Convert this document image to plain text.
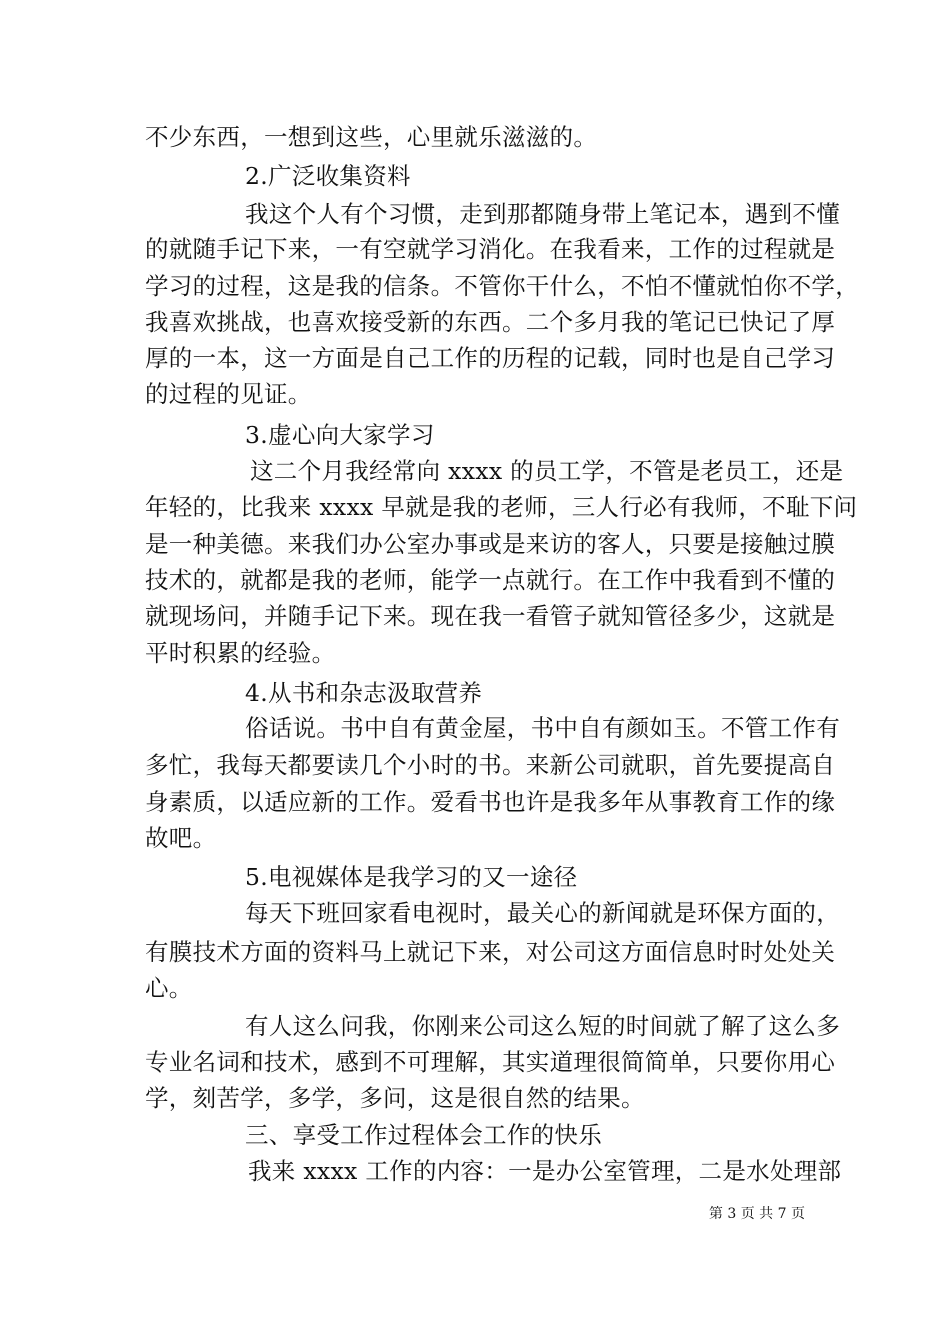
不少东西，一想到这些，心里就乐滋滋的。
2.广泛收集资料
我这个人有个习惯，走到那都随身带上笔记本，遇到不懂
的就随手记下来，一有空就学习消化。在我看来，工作的过程就是
学习的过程，这是我的信条。不管你干什么，不怕不懂就怕你不学，
我喜欢挑战，也喜欢接受新的东西。二个多月我的笔记已快记了厚
厚的一本，这一方面是自己工作的历程的记载，同时也是自己学习
的过程的见证。
3.虚心向大家学习
这二个月我经常向 xxxx 的员工学，不管是老员工，还是
年轻的，比我来 xxxx 早就是我的老师，三人行必有我师，不耻下问
是一种美德。来我们办公室办事或是来访的客人，只要是接触过膜
技术的，就都是我的老师，能学一点就行。在工作中我看到不懂的
就现场问，并随手记下来。现在我一看管子就知管径多少，这就是
平时积累的经验。
4.从书和杂志汲取营养
俗话说。书中自有黄金屋，书中自有颜如玉。不管工作有
多忙，我每天都要读几个小时的书。来新公司就职，首先要提高自
身素质，以适应新的工作。爱看书也许是我多年从事教育工作的缘
故吧。
5.电视媒体是我学习的又一途径
每天下班回家看电视时，最关心的新闻就是环保方面的，
有膜技术方面的资料马上就记下来，对公司这方面信息时时处处关
心。
有人这么问我，你刚来公司这么短的时间就了解了这么多
专业名词和技术，感到不可理解，其实道理很简简单，只要你用心
学，刻苦学，多学，多问，这是很自然的结果。
三、享受工作过程体会工作的快乐
我来 xxxx 工作的内容：一是办公室管理，二是水处理部
第 3 页 共 7 页
